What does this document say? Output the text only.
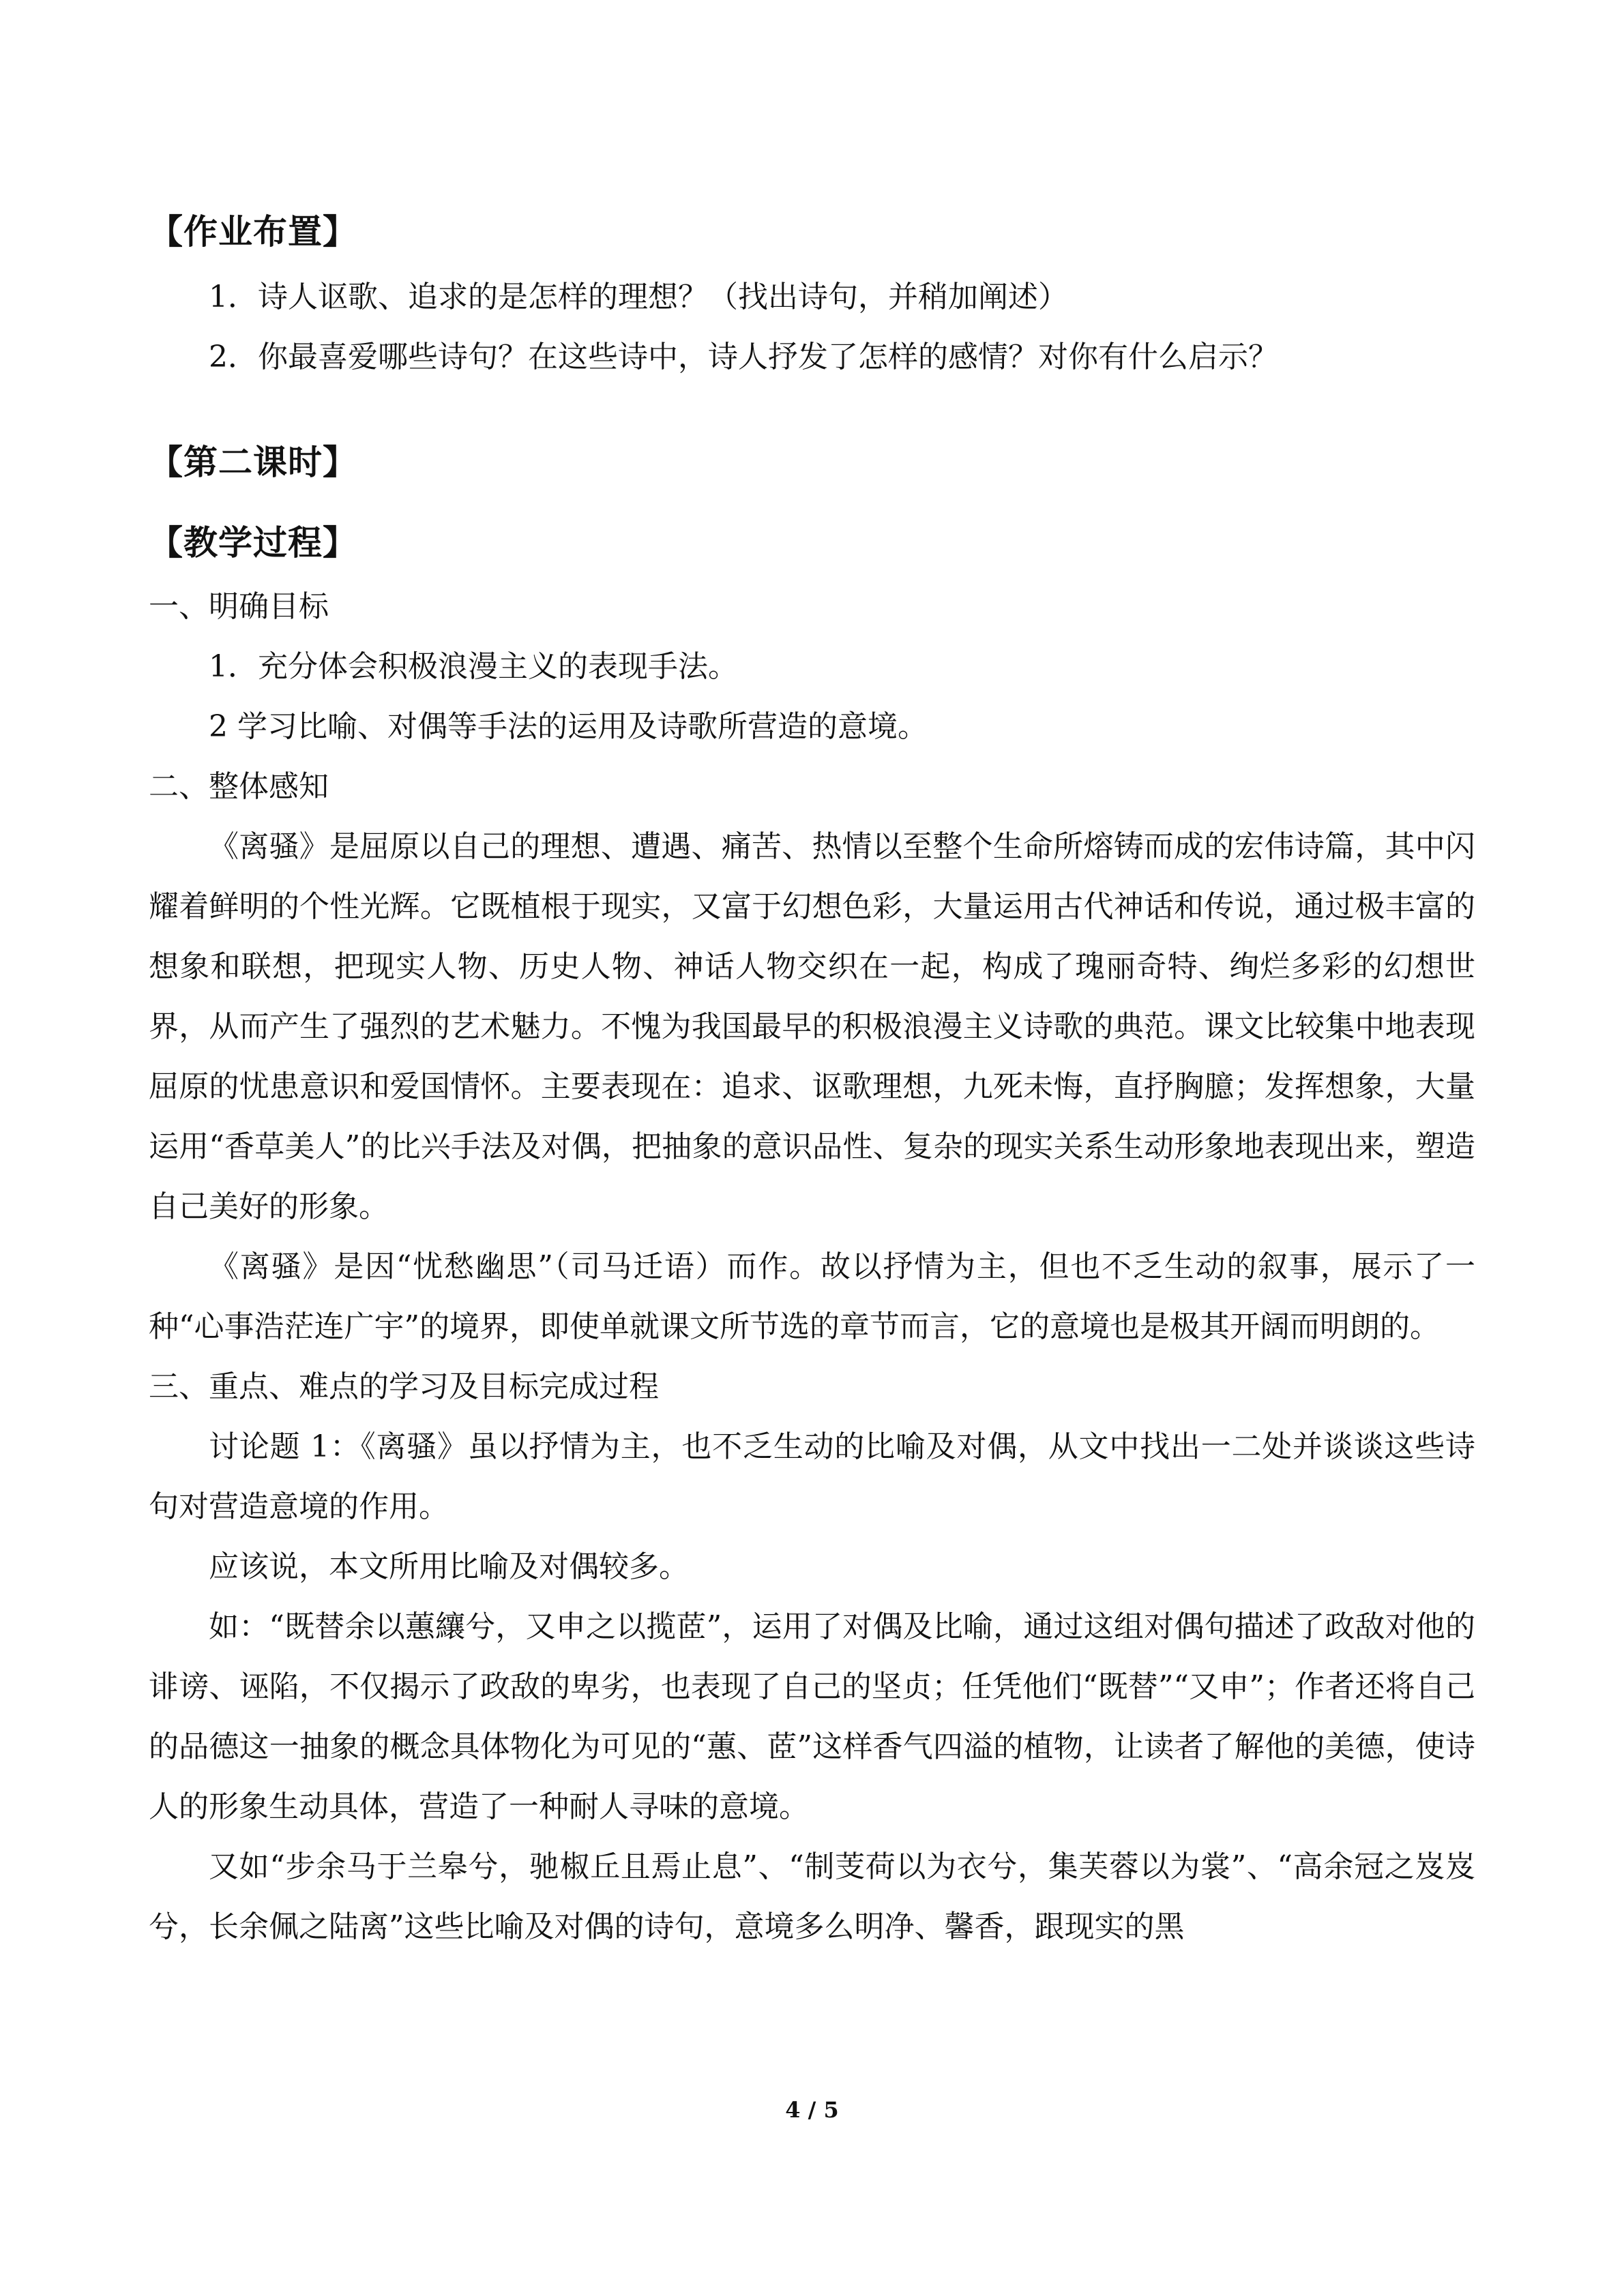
【作业布置】

1．诗人讴歌、追求的是怎样的理想？（找出诗句，并稍加阐述）

2．你最喜爱哪些诗句？在这些诗中，诗人抒发了怎样的感情？对你有什么启示？

【第二课时】

【教学过程】

一、明确目标

1．充分体会积极浪漫主义的表现手法。

2 学习比喻、对偶等手法的运用及诗歌所营造的意境。

二、整体感知

《离骚》是屈原以自己的理想、遭遇、痛苦、热情以至整个生命所熔铸而成的宏伟诗篇，其中闪耀着鲜明的个性光辉。它既植根于现实，又富于幻想色彩，大量运用古代神话和传说，通过极丰富的想象和联想，把现实人物、历史人物、神话人物交织在一起，构成了瑰丽奇特、绚烂多彩的幻想世界，从而产生了强烈的艺术魅力。不愧为我国最早的积极浪漫主义诗歌的典范。课文比较集中地表现屈原的忧患意识和爱国情怀。主要表现在：追求、讴歌理想，九死未悔，直抒胸臆；发挥想象，大量运用“香草美人”的比兴手法及对偶，把抽象的意识品性、复杂的现实关系生动形象地表现出来，塑造自己美好的形象。

《离骚》是因“忧愁幽思”（司马迁语）而作。故以抒情为主，但也不乏生动的叙事，展示了一种“心事浩茫连广宇”的境界，即使单就课文所节选的章节而言，它的意境也是极其开阔而明朗的。

三、重点、难点的学习及目标完成过程

讨论题 1：《离骚》虽以抒情为主，也不乏生动的比喻及对偶，从文中找出一二处并谈谈这些诗句对营造意境的作用。

应该说，本文所用比喻及对偶较多。

如：“既替余以蕙纕兮，又申之以揽茝”，运用了对偶及比喻，通过这组对偶句描述了政敌对他的诽谤、诬陷，不仅揭示了政敌的卑劣，也表现了自己的坚贞；任凭他们“既替”“又申”；作者还将自己的品德这一抽象的概念具体物化为可见的“蕙、茝”这样香气四溢的植物，让读者了解他的美德，使诗人的形象生动具体，营造了一种耐人寻味的意境。

又如“步余马于兰皋兮，驰椒丘且焉止息”、“制芰荷以为衣兮，集芙蓉以为裳”、“高余冠之岌岌兮，长余佩之陆离”这些比喻及对偶的诗句，意境多么明净、馨香，跟现实的黑

4 / 5
